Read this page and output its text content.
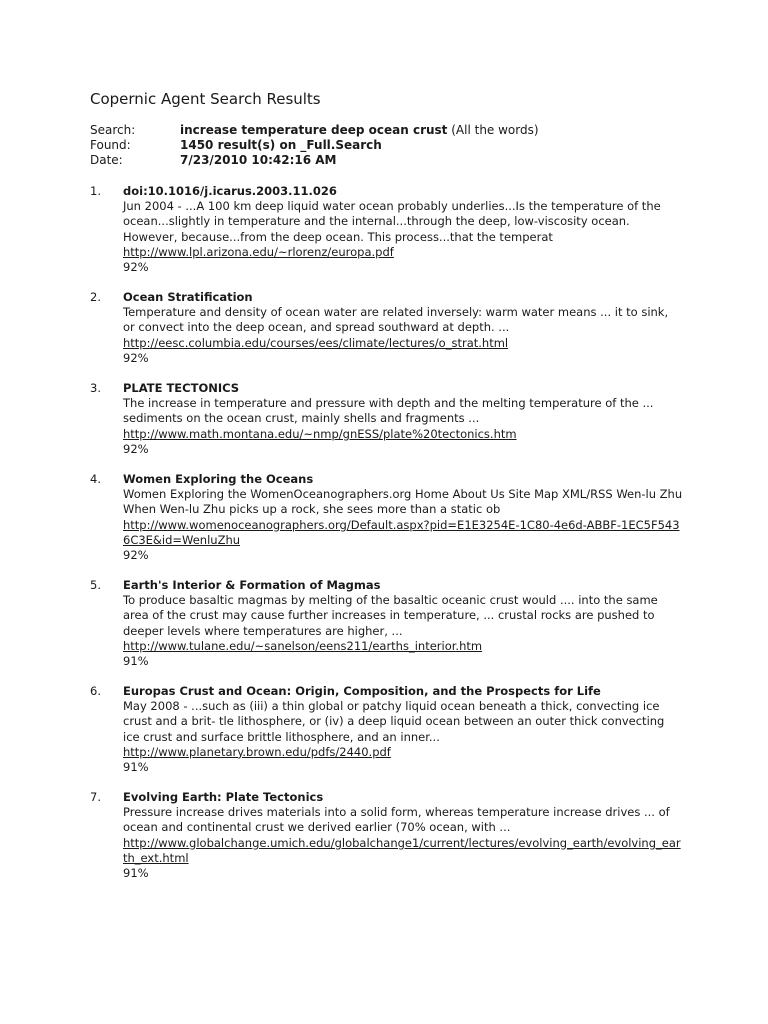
Copernic Agent Search Results
Search:	increase temperature deep ocean crust (All the words)
Found:	1450 result(s) on _Full.Search
Date:	7/23/2010 10:42:16 AM
1.	doi:10.1016/j.icarus.2003.11.026
Jun 2004 - ...A 100 km deep liquid water ocean probably underlies...Is the temperature of the ocean...slightly in temperature and the internal...through the deep, low-viscosity ocean. However, because...from the deep ocean. This process...that the temperat
http://www.lpl.arizona.edu/~rlorenz/europa.pdf
92%
2.	Ocean Stratification
Temperature and density of ocean water are related inversely: warm water means ... it to sink, or convect into the deep ocean, and spread southward at depth. ...
http://eesc.columbia.edu/courses/ees/climate/lectures/o_strat.html
92%
3.	PLATE TECTONICS
The increase in temperature and pressure with depth and the melting temperature of the ... sediments on the ocean crust, mainly shells and fragments ...
http://www.math.montana.edu/~nmp/gnESS/plate%20tectonics.htm
92%
4.	Women Exploring the Oceans
Women Exploring the WomenOceanographers.org Home About Us Site Map XML/RSS Wen-lu Zhu When Wen-lu Zhu picks up a rock, she sees more than a static ob
http://www.womenoceanographers.org/Default.aspx?pid=E1E3254E-1C80-4e6d-ABBF-1EC5F5436C3E&id=WenluZhu
92%
5.	Earth's Interior & Formation of Magmas
To produce basaltic magmas by melting of the basaltic oceanic crust would .... into the same area of the crust may cause further increases in temperature, ... crustal rocks are pushed to deeper levels where temperatures are higher, ...
http://www.tulane.edu/~sanelson/eens211/earths_interior.htm
91%
6.	Europas Crust and Ocean: Origin, Composition, and the Prospects for Life
May 2008 - ...such as (iii) a thin global or patchy liquid ocean beneath a thick, convecting ice crust and a brit- tle lithosphere, or (iv) a deep liquid ocean between an outer thick convecting ice crust and surface brittle lithosphere, and an inner...
http://www.planetary.brown.edu/pdfs/2440.pdf
91%
7.	Evolving Earth: Plate Tectonics
Pressure increase drives materials into a solid form, whereas temperature increase drives ... of ocean and continental crust we derived earlier (70% ocean, with ...
http://www.globalchange.umich.edu/globalchange1/current/lectures/evolving_earth/evolving_earth_ext.html
91%
